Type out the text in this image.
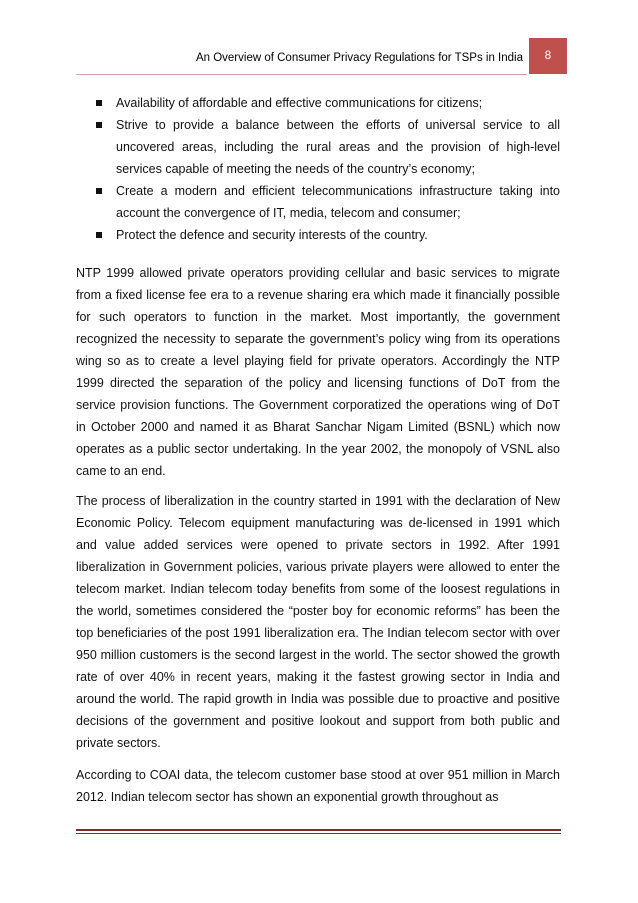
An Overview of Consumer Privacy Regulations for TSPs in India	8
Availability of affordable and effective communications for citizens;
Strive to provide a balance between the efforts of universal service to all uncovered areas, including the rural areas and the provision of high-level services capable of meeting the needs of the country’s economy;
Create a modern and efficient telecommunications infrastructure taking into account the convergence of IT, media, telecom and consumer;
Protect the defence and security interests of the country.

NTP 1999 allowed private operators providing cellular and basic services to migrate from a fixed license fee era to a revenue sharing era which made it financially possible for such operators to function in the market. Most importantly, the government recognized the necessity to separate the government’s policy wing from its operations wing so as to create a level playing field for private operators. Accordingly the NTP 1999 directed the separation of the policy and licensing functions of DoT from the service provision functions. The Government corporatized the operations wing of DoT in October 2000 and named it as Bharat Sanchar Nigam Limited (BSNL) which now operates as a public sector undertaking. In the year 2002, the monopoly of VSNL also came to an end.

The process of liberalization in the country started in 1991 with the declaration of New Economic Policy. Telecom equipment manufacturing was de-licensed in 1991 which and value added services were opened to private sectors in 1992. After 1991 liberalization in Government policies, various private players were allowed to enter the telecom market. Indian telecom today benefits from some of the loosest regulations in the world, sometimes considered the “poster boy for economic reforms” has been the top beneficiaries of the post 1991 liberalization era. The Indian telecom sector with over 950 million customers is the second largest in the world. The sector showed the growth rate of over 40% in recent years, making it the fastest growing sector in India and around the world. The rapid growth in India was possible due to proactive and positive decisions of the government and positive lookout and support from both public and private sectors.

According to COAI data, the telecom customer base stood at over 951 million in March 2012. Indian telecom sector has shown an exponential growth throughout as
